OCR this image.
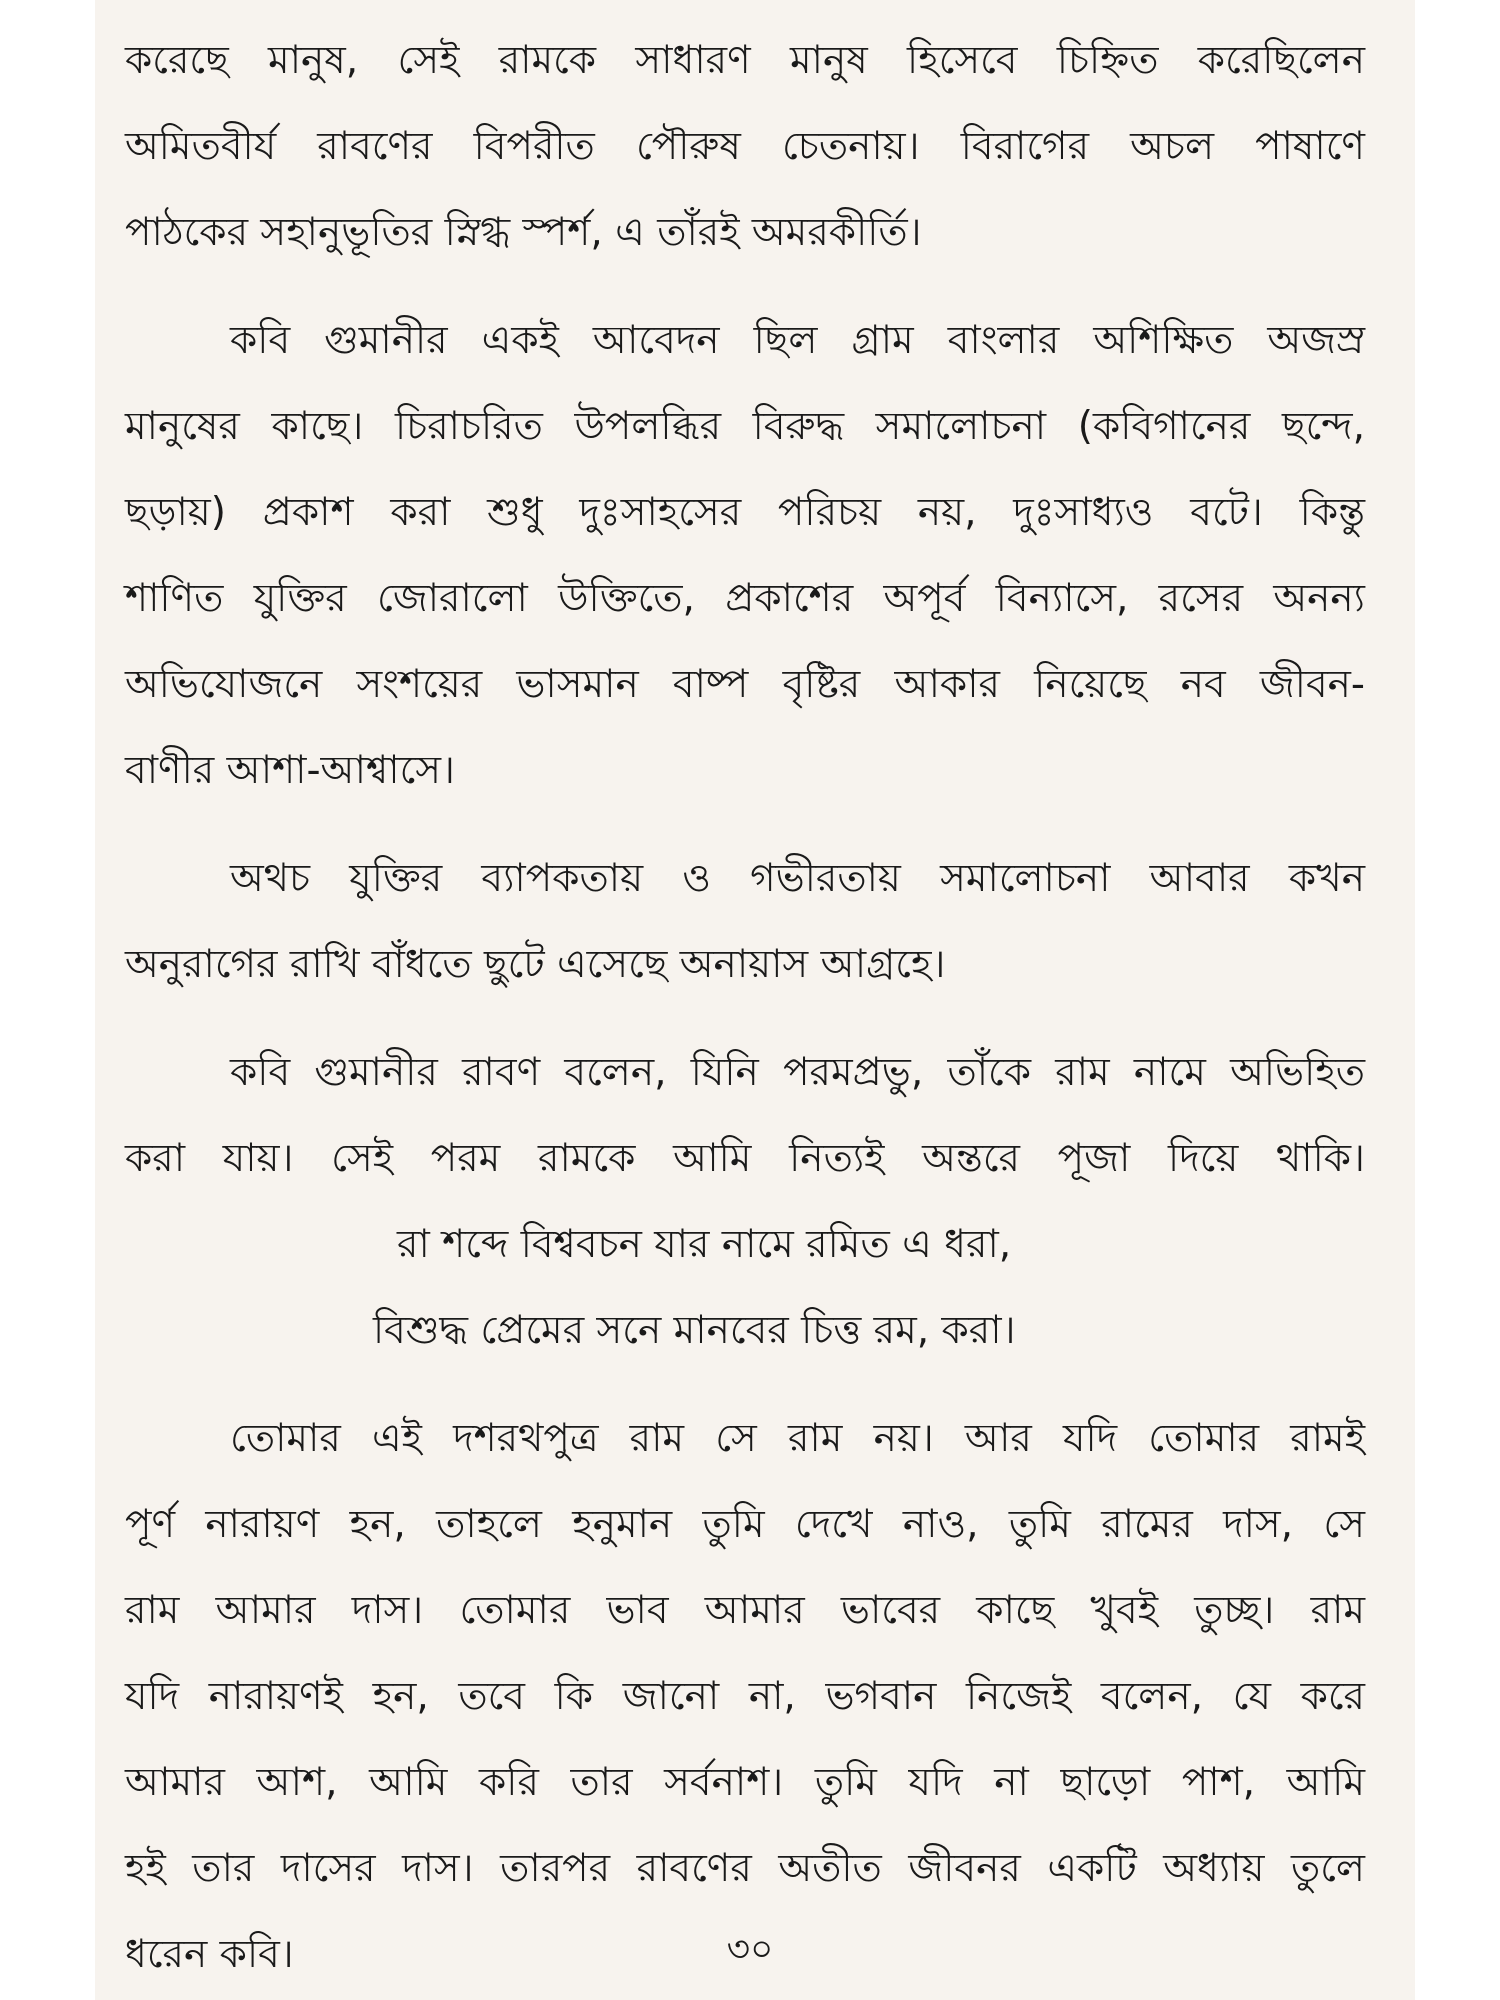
করেছে মানুষ, সেই রামকে সাধারণ মানুষ হিসেবে চিহ্নিত করেছিলেন
অমিতবীর্য রাবণের বিপরীত পৌরুষ চেতনায়। বিরাগের অচল পাষাণে
পাঠকের সহানুভূতির স্নিগ্ধ স্পর্শ, এ তাঁরই অমরকীর্তি।
কবি গুমানীর একই আবেদন ছিল গ্রাম বাংলার অশিক্ষিত অজস্র
মানুষের কাছে। চিরাচরিত উপলব্ধির বিরুদ্ধ সমালোচনা (কবিগানের ছন্দে,
ছড়ায়) প্রকাশ করা শুধু দুঃসাহসের পরিচয় নয়, দুঃসাধ্যও বটে। কিন্তু
শাণিত যুক্তির জোরালো উক্তিতে, প্রকাশের অপূর্ব বিন্যাসে, রসের অনন্য
অভিযোজনে সংশয়ের ভাসমান বাষ্প বৃষ্টির আকার নিয়েছে নব জীবন-
বাণীর আশা-আশ্বাসে।
অথচ যুক্তির ব্যাপকতায় ও গভীরতায় সমালোচনা আবার কখন
অনুরাগের রাখি বাঁধতে ছুটে এসেছে অনায়াস আগ্রহে।
কবি গুমানীর রাবণ বলেন, যিনি পরমপ্রভু, তাঁকে রাম নামে অভিহিত
করা যায়। সেই পরম রামকে আমি নিত্যই অন্তরে পূজা দিয়ে থাকি।
রা শব্দে বিশ্ববচন যার নামে রমিত এ ধরা,
বিশুদ্ধ প্রেমের সনে মানবের চিত্ত রম, করা।
তোমার এই দশরথপুত্র রাম সে রাম নয়। আর যদি তোমার রামই
পূর্ণ নারায়ণ হন, তাহলে হনুমান তুমি দেখে নাও, তুমি রামের দাস, সে
রাম আমার দাস। তোমার ভাব আমার ভাবের কাছে খুবই তুচ্ছ। রাম
যদি নারায়ণই হন, তবে কি জানো না, ভগবান নিজেই বলেন, যে করে
আমার আশ, আমি করি তার সর্বনাশ। তুমি যদি না ছাড়ো পাশ, আমি
হই তার দাসের দাস। তারপর রাবণের অতীত জীবনর একটি অধ্যায় তুলে
ধরেন কবি।	৩০
